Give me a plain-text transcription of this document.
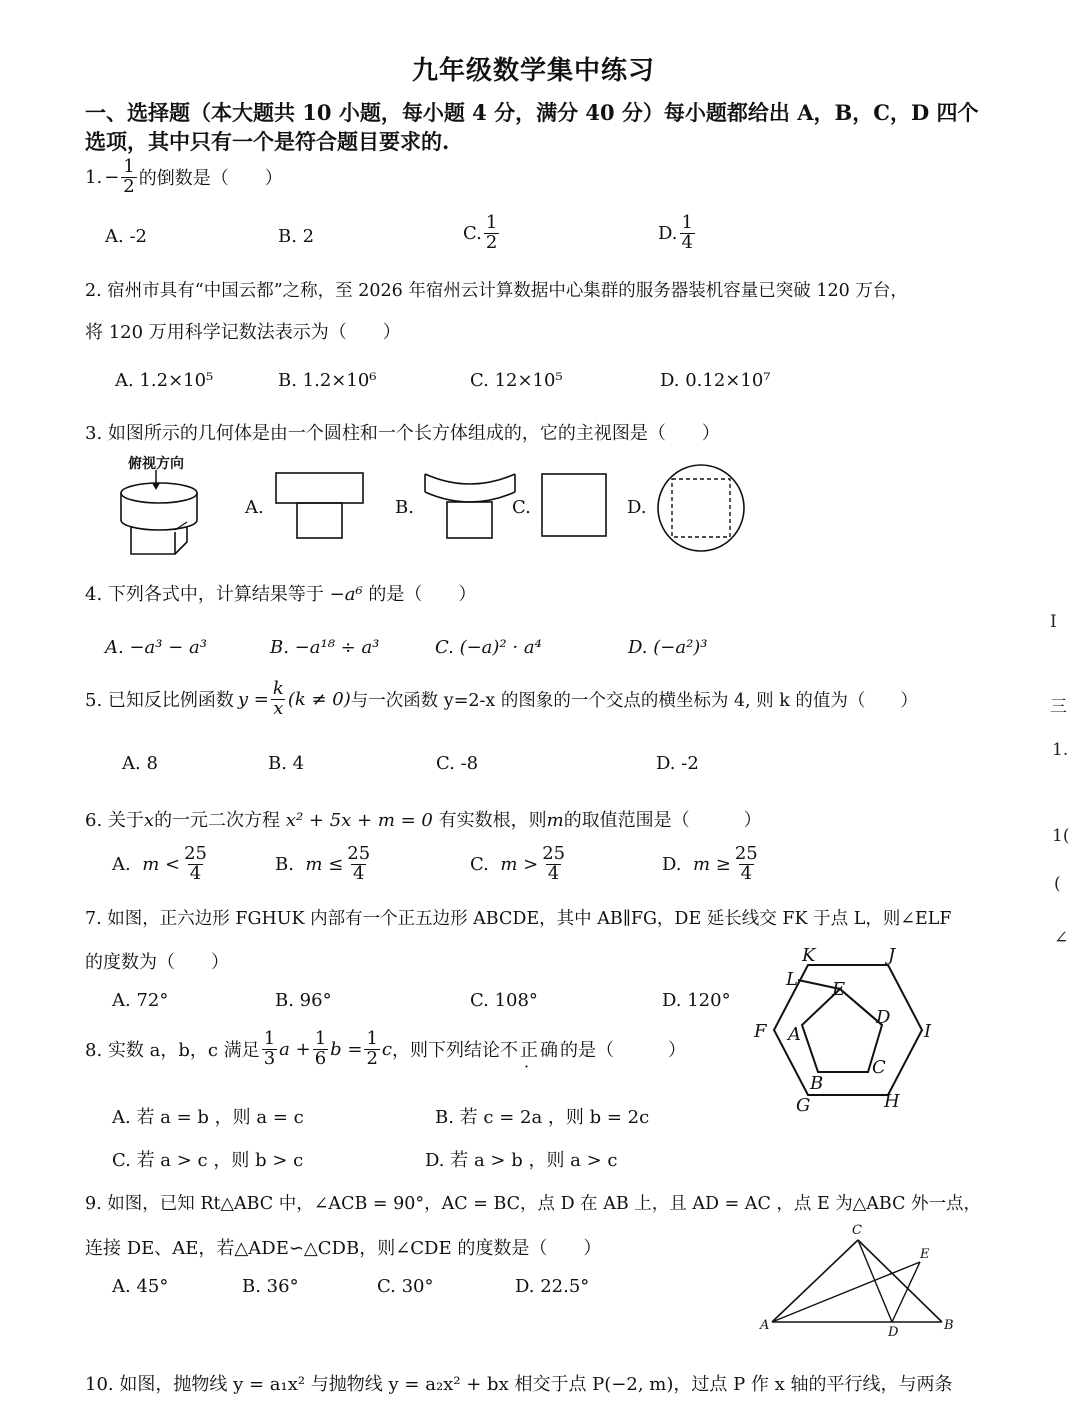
九年级数学集中练习
一、选择题（本大题共 10 小题，每小题 4 分，满分 40 分）每小题都给出 A，B，C，D 四个
选项，其中只有一个是符合题目要求的.
1. − $\frac{1}{2}$ 的倒数是（　　）
A. -2	B. 2	C. $\frac{1}{2}$	D. $\frac{1}{4}$
2. 宿州市具有“中国云都”之称，至 2026 年宿州云计算数据中心集群的服务器装机容量已突破 120 万台，
将 120 万用科学记数法表示为（　　）
A. 1.2×10⁵	B. 1.2×10⁶	C. 12×10⁵	D. 0.12×10⁷
3. 如图所示的几何体是由一个圆柱和一个长方体组成的，它的主视图是（　　）
俯视方向
A.	B.	C.	D.
4. 下列各式中，计算结果等于 −a⁶ 的是（　　）
A. −a³ − a³	B. −a¹⁸ ÷ a³	C. (−a)² · a⁴	D. (−a²)³
5. 已知反比例函数 $y = \frac{k}{x} (k \ne 0)$ 与一次函数 y=2-x 的图象的一个交点的横坐标为 4, 则 k 的值为（　　）
A. 8	B. 4	C. -8	D. -2
6. 关于x的一元二次方程 x² + 5x + m = 0 有实数根，则m的取值范围是（　　　）
A.
$m < \frac{25}{4}$	B.
$m \le \frac{25}{4}$	C.
$m > \frac{25}{4}$	D.
$m \ge \frac{25}{4}$
7. 如图，正六边形 FGHUK 内部有一个正五边形 ABCDE，其中 AB∥FG，DE 延长线交 FK 于点 L，则∠ELF
的度数为（　　）
A. 72°	B. 96°	C. 108°	D. 120°
K	J
L E
D
F	I
A
C
B
G	H
8. 实数 a，b，c 满足 $\frac{1}{3}$ $a + \frac{1}{6}$ $b = \frac{1}{2}$ c ，则下列结论 不正确 · 的是（　　　）
A. 若 a = b ，则 a = c	B. 若 c = 2a ，则 b = 2c
C. 若 a > c ，则 b > c	D. 若 a > b ，则 a > c
9. 如图，已知 Rt△ABC 中，∠ACB = 90°，AC = BC，点 D 在 AB 上，且 AD = AC ，点 E 为△ABC 外一点，
连接 DE、AE，若△ADE∽△CDB，则∠CDE 的度数是（　　）
A. 45°	B. 36°	C. 30°	D. 22.5°
A	B
C
D
E
10. 如图，抛物线 y = a₁x² 与抛物线 y = a₂x² + bx 相交于点 P(−2, m)，过点 P 作 x 轴的平行线，与两条
I
三
1.
1(
(
∠
